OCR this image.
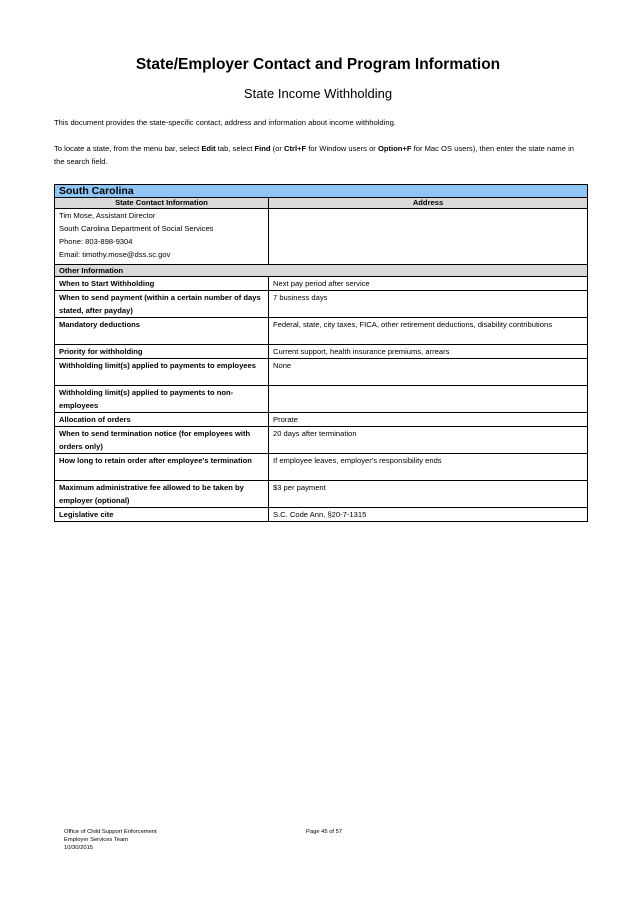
State/Employer Contact and Program Information
State Income Withholding
This document provides the state-specific contact, address and information about income withholding.
To locate a state, from the menu bar, select Edit tab, select Find (or Ctrl+F for Window users or Option+F for Mac OS users), then enter the state name in the search field.
South Carolina	
State Contact Information	Address

Tim Mose, Assistant Director
South Carolina Department of Social Services
Phone: 803-898-9304
Email: timothy.mose@dss.sc.gov	

Other Information	
When to Start Withholding	Next pay period after service
When to send payment (within a certain number of days stated, after payday)	7 business days
Mandatory deductions	Federal, state, city taxes, FICA, other retirement deductions, disability contributions
Priority for withholding	Current support, health insurance premiums, arrears
Withholding limit(s) applied to payments to employees	None
Withholding limit(s) applied to payments to non-employees	
Allocation of orders	Prorate
When to send termination notice (for employees with orders only)	20 days after termination
How long to retain order after employee's termination	If employee leaves, employer's responsibility ends
Maximum administrative fee allowed to be taken by employer (optional)	$3 per payment
Legislative cite	S.C. Code Ann. §20-7-1315
Office of Child Support Enforcement
Employer Services Team
10/30/2015
Page 45 of 57
